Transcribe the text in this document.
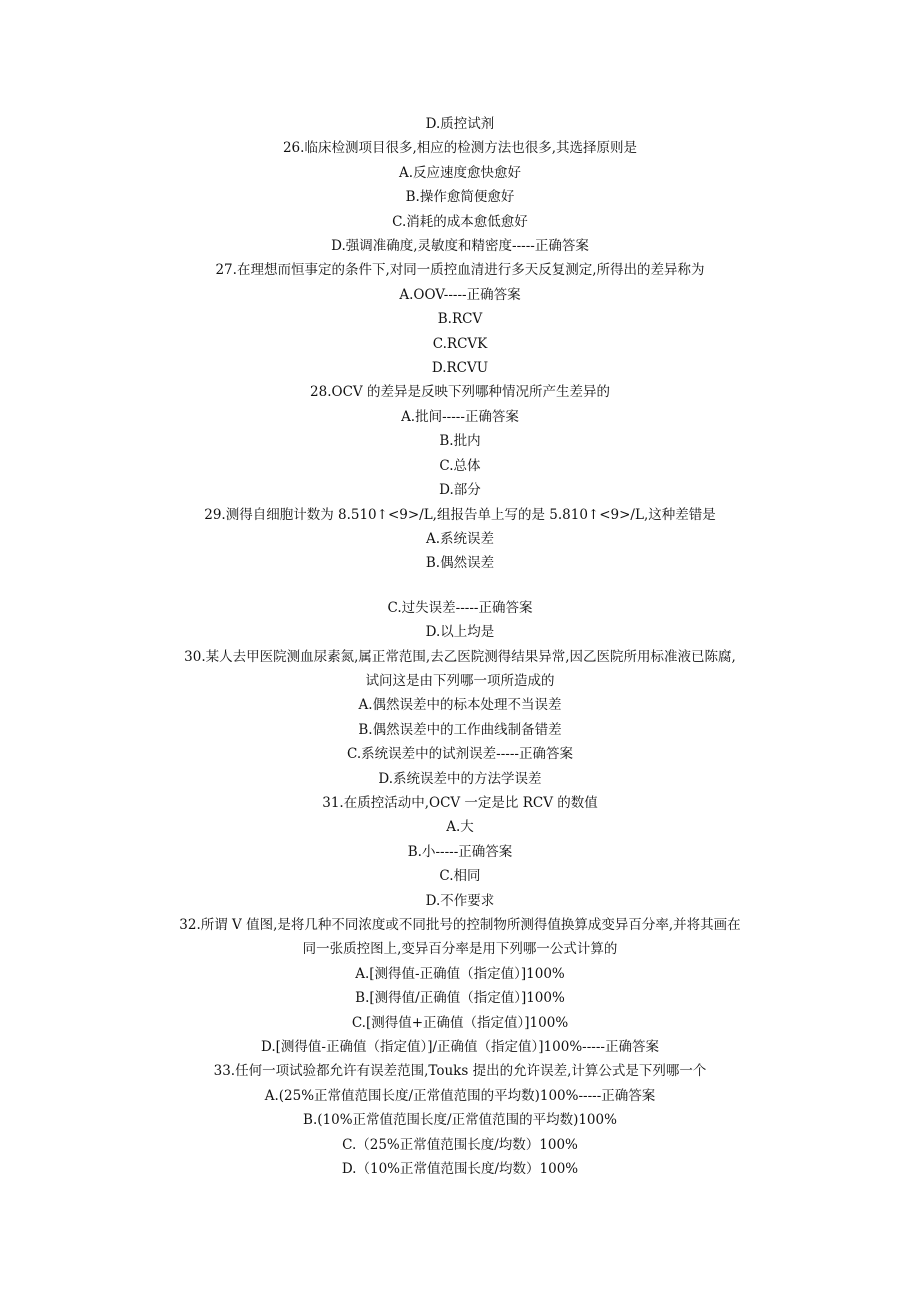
D.质控试剂
26.临床检测项目很多,相应的检测方法也很多,其选择原则是
A.反应速度愈快愈好
B.操作愈简便愈好
C.消耗的成本愈低愈好
D.强调准确度,灵敏度和精密度-----正确答案
27.在理想而恒事定的条件下,对同一质控血清进行多天反复测定,所得出的差异称为
A.OOV-----正确答案
B.RCV
C.RCVK
D.RCVU
28.OCV 的差异是反映下列哪种情况所产生差异的
A.批间-----正确答案
B.批内
C.总体
D.部分
29.测得自细胞计数为 8.510↑<9>/L,组报告单上写的是 5.810↑<9>/L,这种差错是
A.系统误差
B.偶然误差
C.过失误差-----正确答案
D.以上均是
30.某人去甲医院测血尿素氮,属正常范围,去乙医院测得结果异常,因乙医院所用标准液已陈腐,
试问这是由下列哪一项所造成的
A.偶然误差中的标本处理不当误差
B.偶然误差中的工作曲线制备错差
C.系统误差中的试剂误差-----正确答案
D.系统误差中的方法学误差
31.在质控活动中,OCV 一定是比 RCV 的数值
A.大
B.小-----正确答案
C.相同
D.不作要求
32.所谓 V 值图,是将几种不同浓度或不同批号的控制物所测得值换算成变异百分率,并将其画在
同一张质控图上,变异百分率是用下列哪一公式计算的
A.[测得值-正确值（指定值）]100%
B.[测得值/正确值（指定值）]100%
C.[测得值+正确值（指定值）]100%
D.[测得值-正确值（指定值）]/正确值（指定值）]100%-----正确答案
33.任何一项试验都允许有误差范围,Touks 提出的允许误差,计算公式是下列哪一个
A.(25%正常值范围长度/正常值范围的平均数)100%-----正确答案
B.(10%正常值范围长度/正常值范围的平均数)100%
C.（25%正常值范围长度/均数）100%
D.（10%正常值范围长度/均数）100%
